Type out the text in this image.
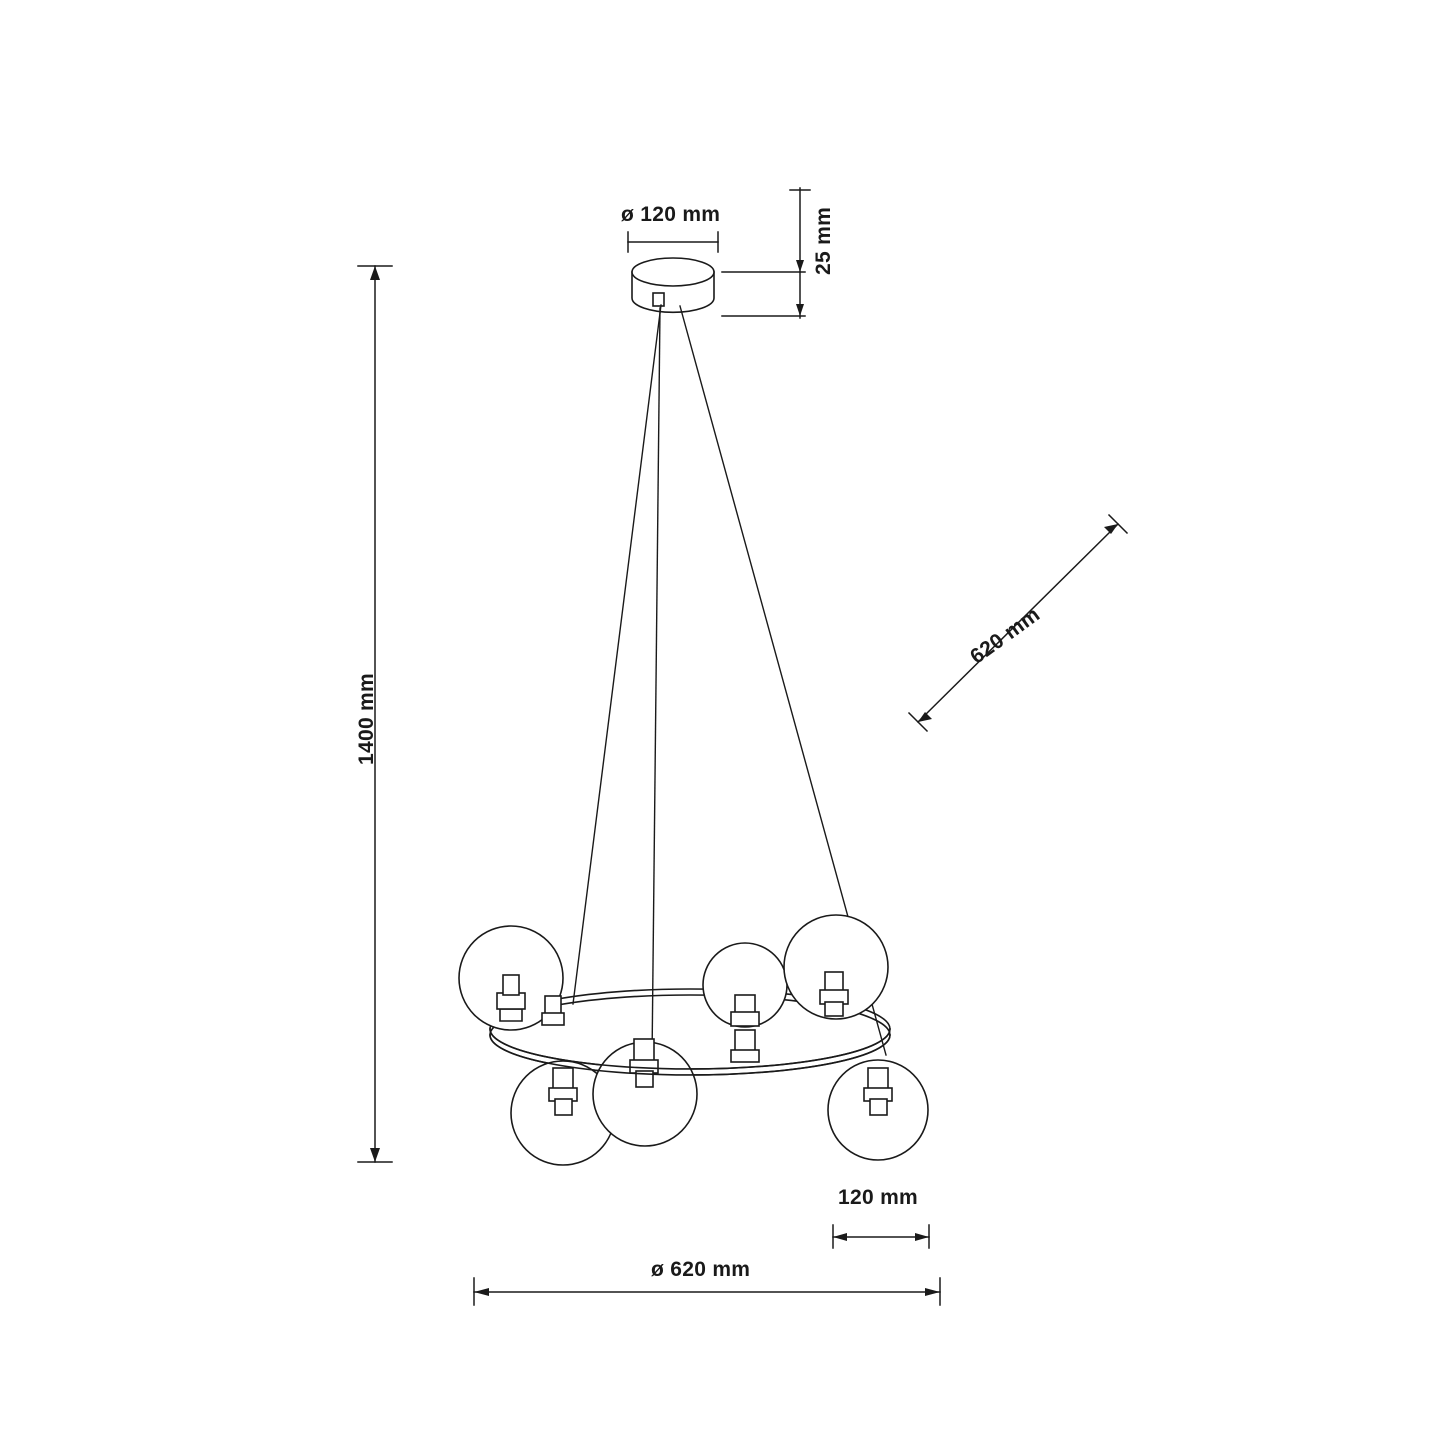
ø 120 mm	25 mm
1400 mm
620 mm
120 mm
ø 620 mm
